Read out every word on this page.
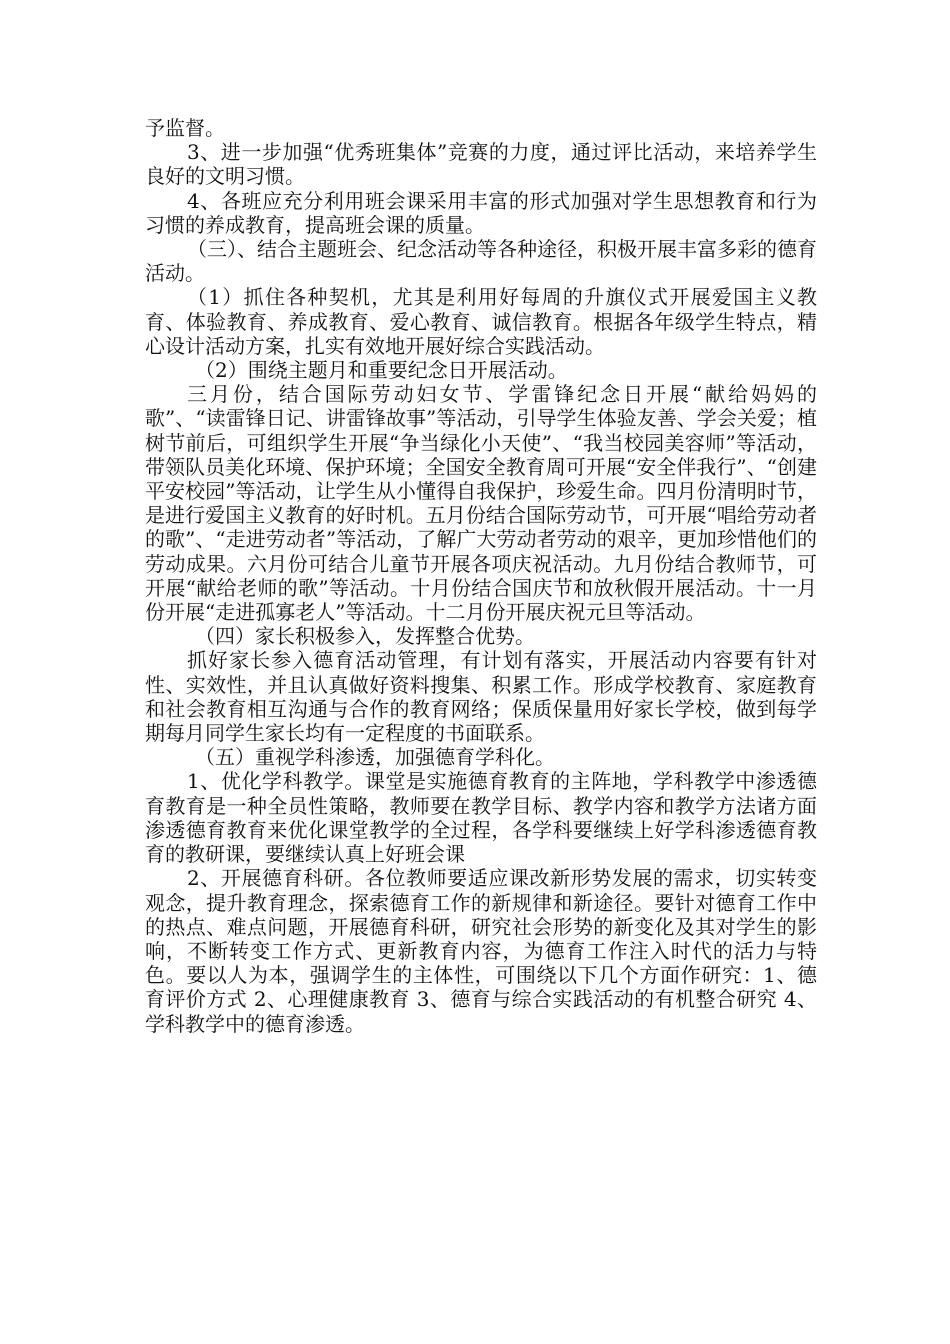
予监督。

3、进一步加强“优秀班集体”竞赛的力度，通过评比活动，来培养学生良好的文明习惯。

4、各班应充分利用班会课采用丰富的形式加强对学生思想教育和行为习惯的养成教育，提高班会课的质量。

（三）、结合主题班会、纪念活动等各种途径，积极开展丰富多彩的德育活动。

（1）抓住各种契机，尤其是利用好每周的升旗仪式开展爱国主义教育、体验教育、养成教育、爱心教育、诚信教育。根据各年级学生特点，精心设计活动方案，扎实有效地开展好综合实践活动。

（2）围绕主题月和重要纪念日开展活动。

三月份，结合国际劳动妇女节、学雷锋纪念日开展“献给妈妈的歌”、“读雷锋日记、讲雷锋故事”等活动，引导学生体验友善、学会关爱；植树节前后，可组织学生开展“争当绿化小天使”、“我当校园美容师”等活动，带领队员美化环境、保护环境；全国安全教育周可开展“安全伴我行”、“创建平安校园”等活动，让学生从小懂得自我保护，珍爱生命。四月份清明时节，是进行爱国主义教育的好时机。五月份结合国际劳动节，可开展“唱给劳动者的歌”、“走进劳动者”等活动，了解广大劳动者劳动的艰辛，更加珍惜他们的劳动成果。六月份可结合儿童节开展各项庆祝活动。九月份结合教师节，可开展“献给老师的歌”等活动。十月份结合国庆节和放秋假开展活动。十一月份开展“走进孤寡老人”等活动。十二月份开展庆祝元旦等活动。

（四）家长积极参入，发挥整合优势。

抓好家长参入德育活动管理，有计划有落实，开展活动内容要有针对性、实效性，并且认真做好资料搜集、积累工作。形成学校教育、家庭教育和社会教育相互沟通与合作的教育网络；保质保量用好家长学校，做到每学期每月同学生家长均有一定程度的书面联系。

（五）重视学科渗透，加强德育学科化。

1、优化学科教学。课堂是实施德育教育的主阵地，学科教学中渗透德育教育是一种全员性策略，教师要在教学目标、教学内容和教学方法诸方面渗透德育教育来优化课堂教学的全过程，各学科要继续上好学科渗透德育教育的教研课，要继续认真上好班会课

2、开展德育科研。各位教师要适应课改新形势发展的需求，切实转变观念，提升教育理念，探索德育工作的新规律和新途径。要针对德育工作中的热点、难点问题，开展德育科研，研究社会形势的新变化及其对学生的影响，不断转变工作方式、更新教育内容，为德育工作注入时代的活力与特色。要以人为本，强调学生的主体性，可围绕以下几个方面作研究：1、德育评价方式 2、心理健康教育 3、德育与综合实践活动的有机整合研究 4、学科教学中的德育渗透。
